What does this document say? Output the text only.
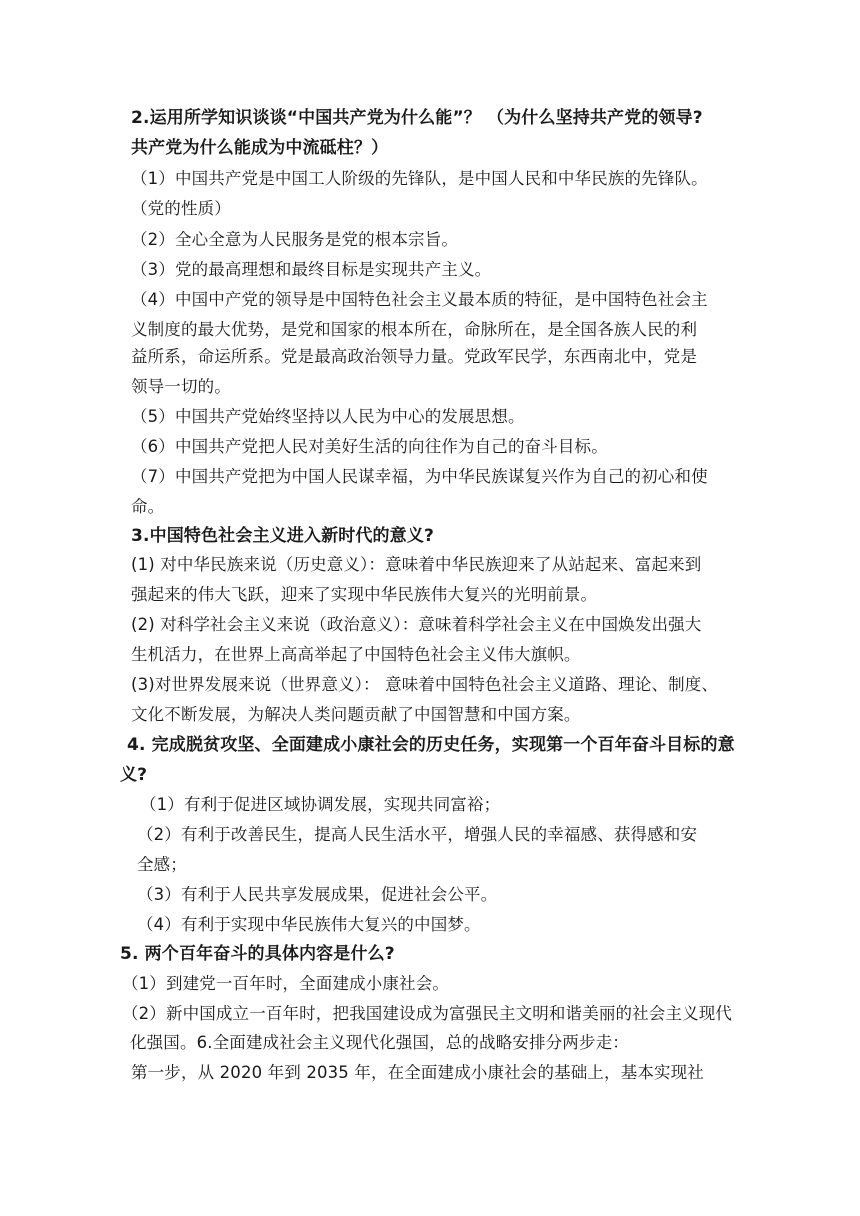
2.运用所学知识谈谈“中国共产党为什么能”？ （为什么坚持共产党的领导?
共产党为什么能成为中流砥柱？）
（1）中国共产党是中国工人阶级的先锋队，是中国人民和中华民族的先锋队。
（党的性质）
（2）全心全意为人民服务是党的根本宗旨。
（3）党的最高理想和最终目标是实现共产主义。
（4）中国中产党的领导是中国特色社会主义最本质的特征，是中国特色社会主
义制度的最大优势，是党和国家的根本所在，命脉所在，是全国各族人民的利
益所系，命运所系。党是最高政治领导力量。党政军民学，东西南北中，党是
领导一切的。
（5）中国共产党始终坚持以人民为中心的发展思想。
（6）中国共产党把人民对美好生活的向往作为自己的奋斗目标。
（7）中国共产党把为中国人民谋幸福，为中华民族谋复兴作为自己的初心和使
命。
3.中国特色社会主义进入新时代的意义?
(1) 对中华民族来说（历史意义）：意味着中华民族迎来了从站起来、富起来到
强起来的伟大飞跃，迎来了实现中华民族伟大复兴的光明前景。
(2) 对科学社会主义来说（政治意义）：意味着科学社会主义在中国焕发出强大
生机活力，在世界上高高举起了中国特色社会主义伟大旗帜。
(3)对世界发展来说（世界意义）： 意味着中国特色社会主义道路、理论、制度、
文化不断发展，为解决人类问题贡献了中国智慧和中国方案。
4. 完成脱贫攻坚、全面建成小康社会的历史任务，实现第一个百年奋斗目标的意
义?
（1）有利于促进区域协调发展，实现共同富裕；
（2）有利于改善民生，提高人民生活水平，增强人民的幸福感、获得感和安
全感；
（3）有利于人民共享发展成果，促进社会公平。
（4）有利于实现中华民族伟大复兴的中国梦。
5. 两个百年奋斗的具体内容是什么?
（1）到建党一百年时，全面建成小康社会。
（2）新中国成立一百年时，把我国建设成为富强民主文明和谐美丽的社会主义现代
化强国。6.全面建成社会主义现代化强国，总的战略安排分两步走：
第一步，从 2020 年到 2035 年，在全面建成小康社会的基础上，基本实现社
